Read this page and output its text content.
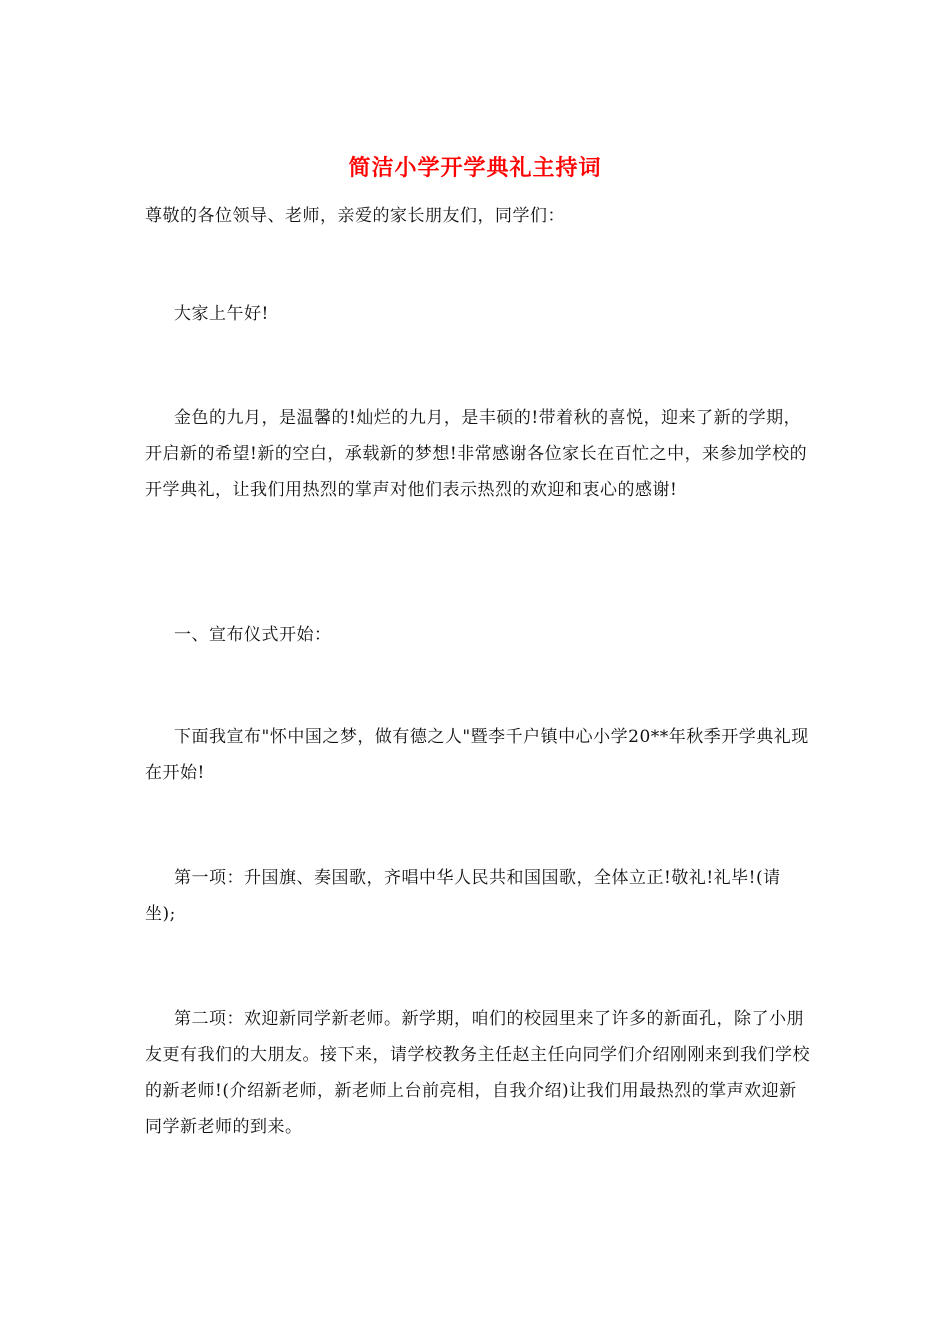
简洁小学开学典礼主持词

尊敬的各位领导、老师，亲爱的家长朋友们，同学们：

大家上午好!

金色的九月，是温馨的!灿烂的九月，是丰硕的!带着秋的喜悦，迎来了新的学期，开启新的希望!新的空白，承载新的梦想!非常感谢各位家长在百忙之中，来参加学校的开学典礼，让我们用热烈的掌声对他们表示热烈的欢迎和衷心的感谢!

一、宣布仪式开始：

下面我宣布"怀中国之梦，做有德之人"暨李千户镇中心小学20**年秋季开学典礼现在开始!

第一项：升国旗、奏国歌，齐唱中华人民共和国国歌，全体立正!敬礼!礼毕!(请坐);

第二项：欢迎新同学新老师。新学期，咱们的校园里来了许多的新面孔，除了小朋友更有我们的大朋友。接下来，请学校教务主任赵主任向同学们介绍刚刚来到我们学校的新老师!(介绍新老师，新老师上台前亮相，自我介绍)让我们用最热烈的掌声欢迎新同学新老师的到来。
